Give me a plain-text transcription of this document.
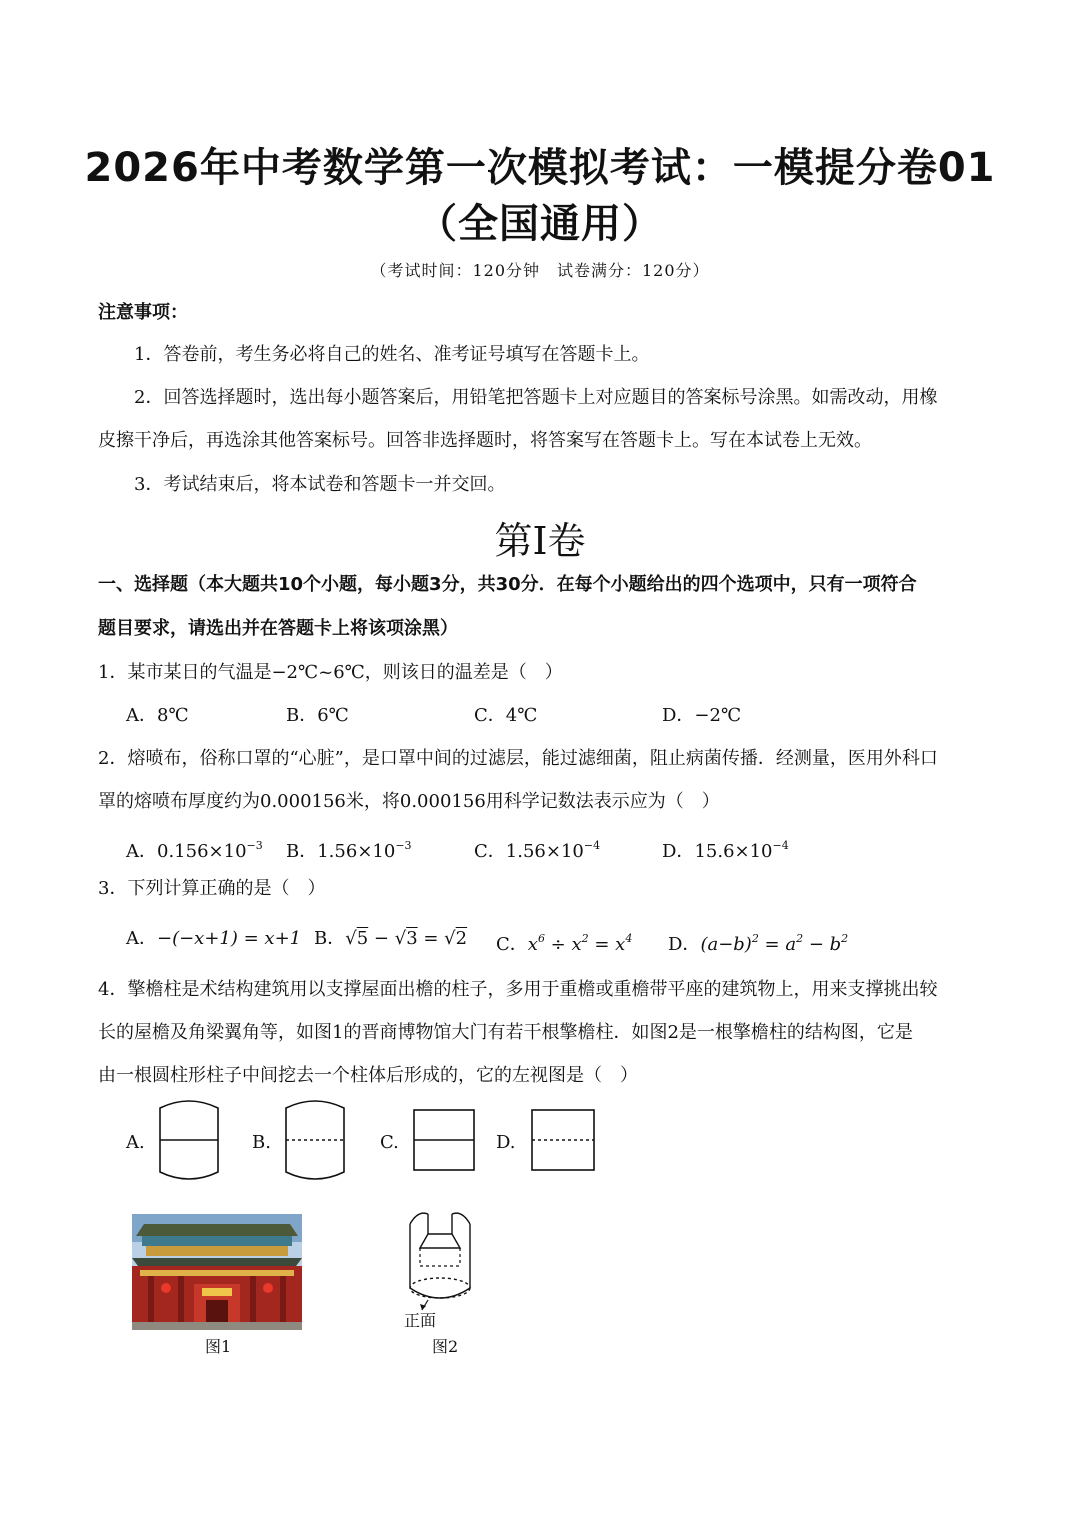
2026年中考数学第一次模拟考试：一模提分卷01
（全国通用）
（考试时间：120分钟　试卷满分：120分）
注意事项：
1．答卷前，考生务必将自己的姓名、准考证号填写在答题卡上。
2．回答选择题时，选出每小题答案后，用铅笔把答题卡上对应题目的答案标号涂黑。如需改动，用橡
皮擦干净后，再选涂其他答案标号。回答非选择题时，将答案写在答题卡上。写在本试卷上无效。
3．考试结束后，将本试卷和答题卡一并交回。
第I卷
一、选择题（本大题共10个小题，每小题3分，共30分．在每个小题给出的四个选项中，只有一项符合
题目要求，请选出并在答题卡上将该项涂黑）
1．某市某日的气温是−2℃~6℃，则该日的温差是（　）
A．8℃	B．6℃	C．4℃	D．−2℃
2．熔喷布，俗称口罩的“心脏”，是口罩中间的过滤层，能过滤细菌，阻止病菌传播．经测量，医用外科口
罩的熔喷布厚度约为0.000156米，将0.000156用科学记数法表示应为（　）
A．$0.156\times 10^{-3}$ B．$1.56\times 10^{-3}$	C．$1.56\times 10^{-4}$	D．$15.6\times 10^{-4}$
3．下列计算正确的是（　）
A．−(−x+1) = x+1 B．√5 − √3 = √2 C．$x^6 \div x^2 = x^4$ D．$(a-b)^2 = a^2 - b^2$
4．擎檐柱是术结构建筑用以支撑屋面出檐的柱子，多用于重檐或重檐带平座的建筑物上，用来支撑挑出较
长的屋檐及角梁翼角等，如图1的晋商博物馆大门有若干根擎檐柱．如图2是一根擎檐柱的结构图，它是
由一根圆柱形柱子中间挖去一个柱体后形成的，它的左视图是（　）
A.	B.	C.	D.
图1
正面
图2
